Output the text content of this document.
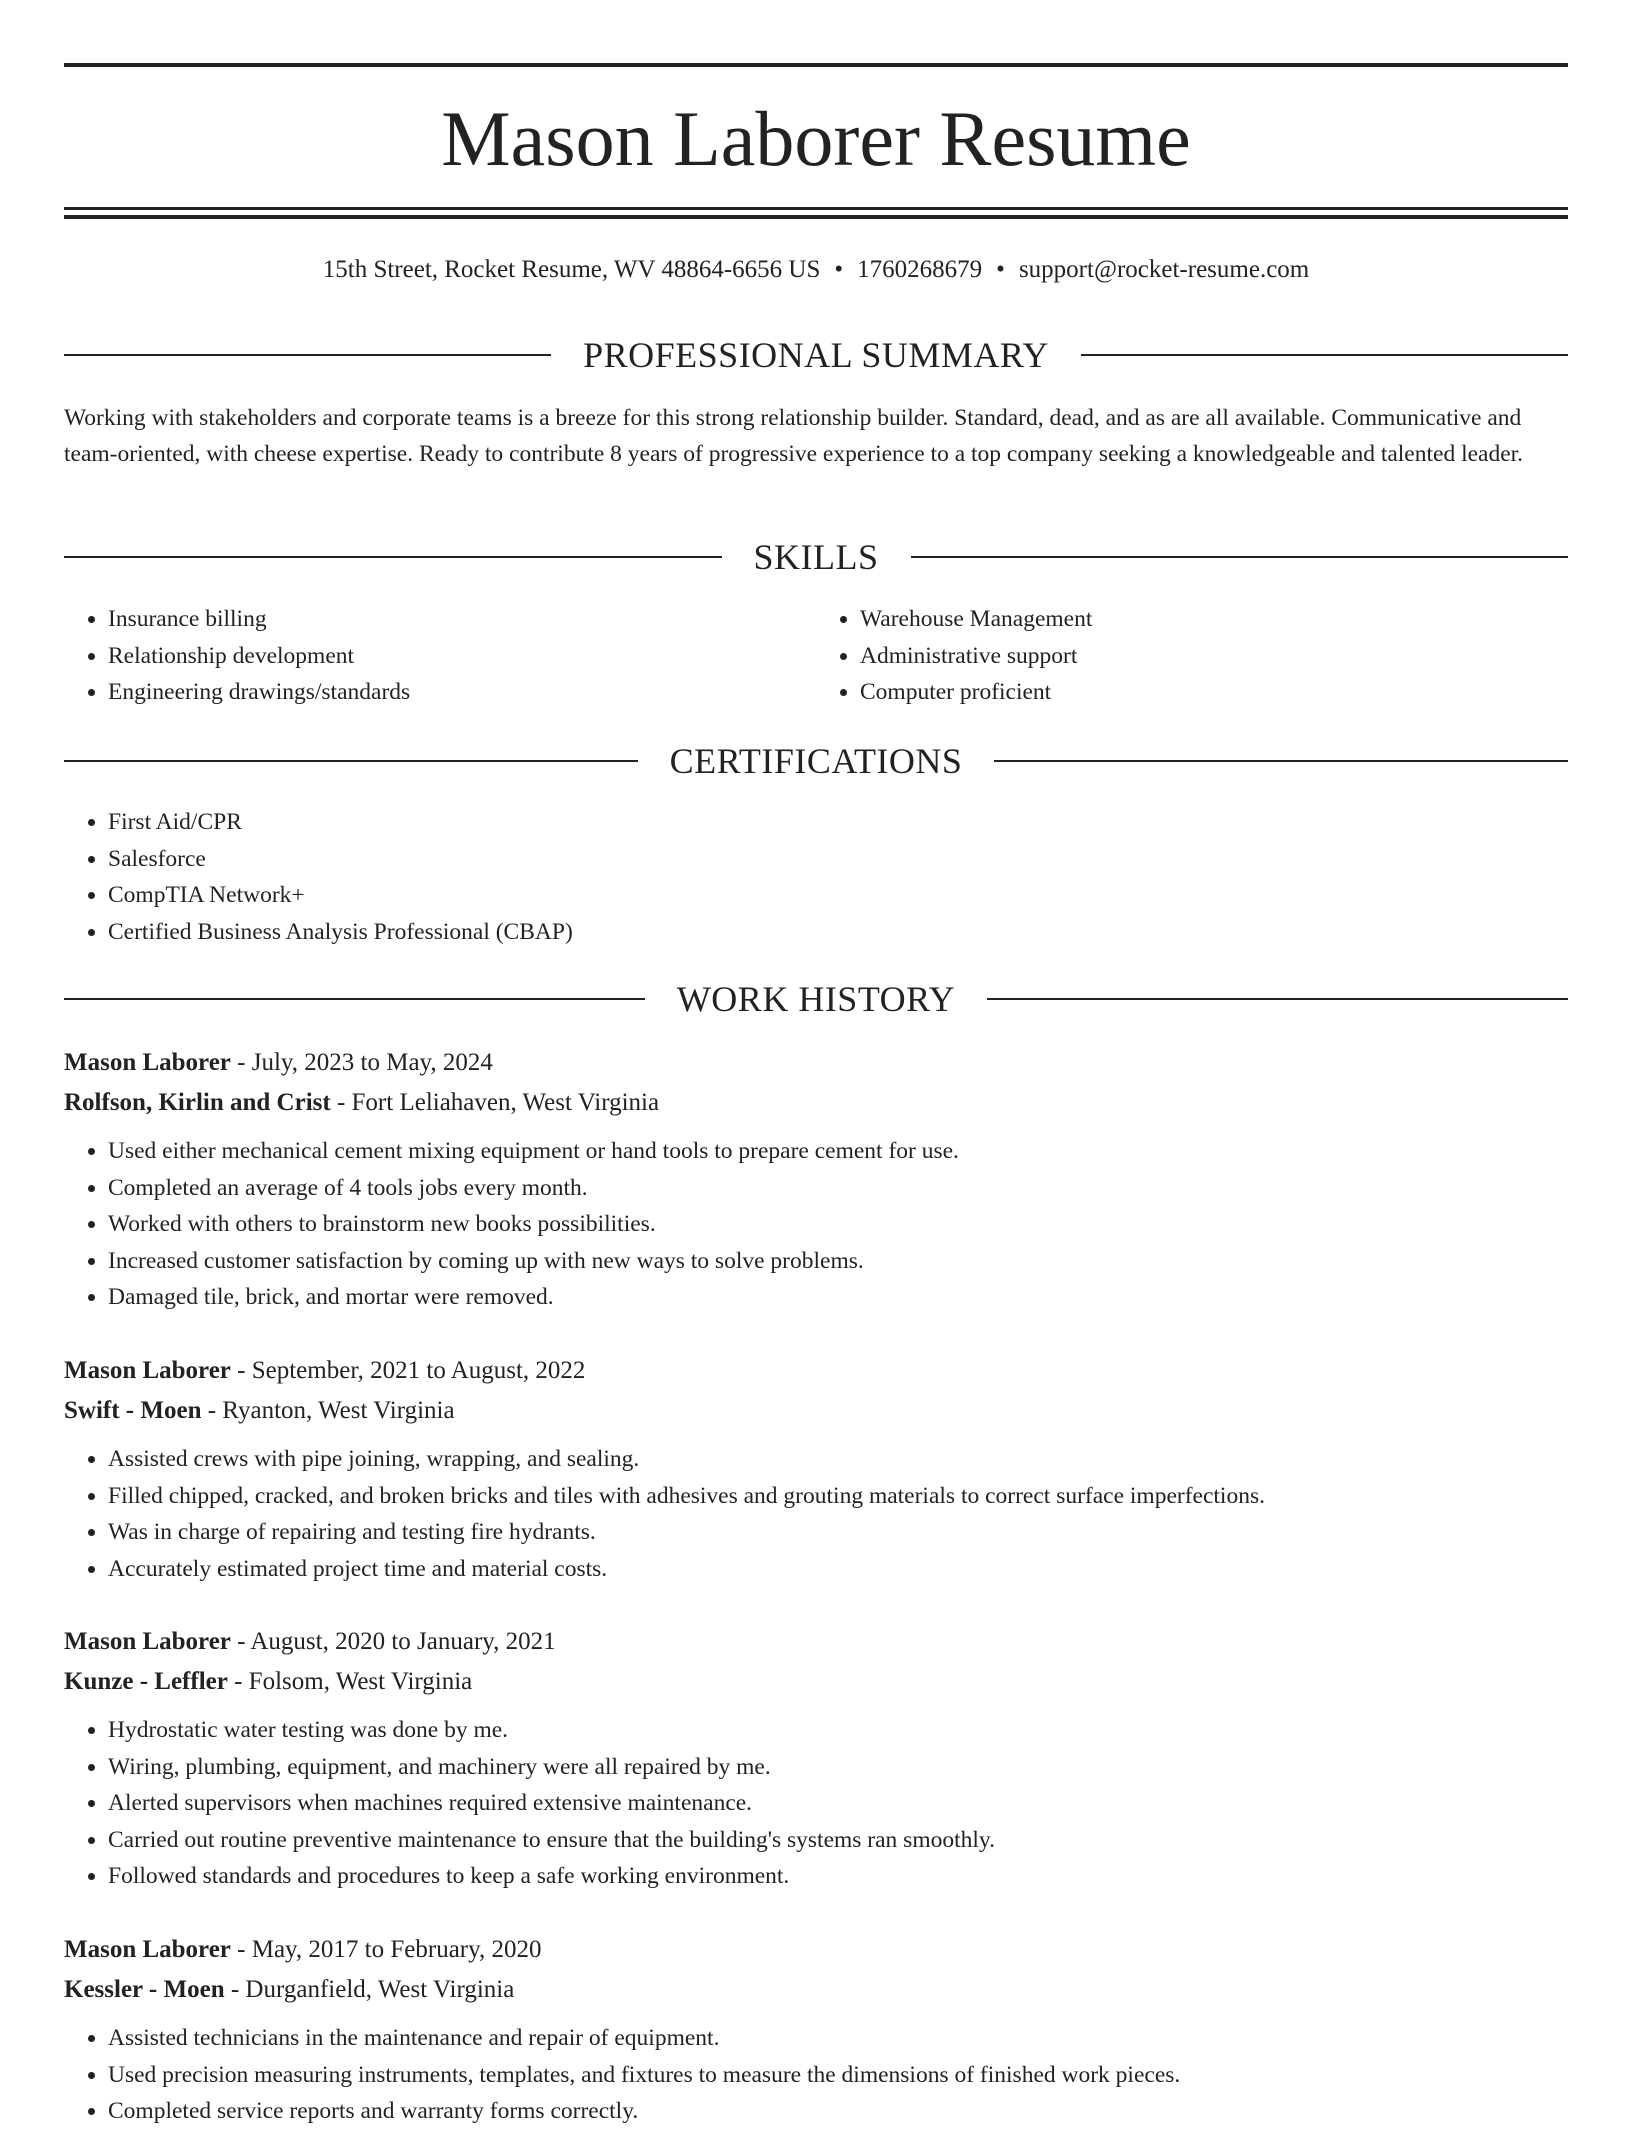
Mason Laborer Resume
15th Street, Rocket Resume, WV 48864-6656 US • 1760268679 • support@rocket-resume.com
PROFESSIONAL SUMMARY

Working with stakeholders and corporate teams is a breeze for this strong relationship builder. Standard, dead, and as are all available. Communicative and team-oriented, with cheese expertise. Ready to contribute 8 years of progressive experience to a top company seeking a knowledgeable and talented leader.

SKILLS
• Insurance billing
• Relationship development
• Engineering drawings/standards
• Warehouse Management
• Administrative support
• Computer proficient
CERTIFICATIONS
• First Aid/CPR
• Salesforce
• CompTIA Network+
• Certified Business Analysis Professional (CBAP)
WORK HISTORY
Mason Laborer - July, 2023 to May, 2024
Rolfson, Kirlin and Crist - Fort Leliahaven, West Virginia
• Used either mechanical cement mixing equipment or hand tools to prepare cement for use.
• Completed an average of 4 tools jobs every month.
• Worked with others to brainstorm new books possibilities.
• Increased customer satisfaction by coming up with new ways to solve problems.
• Damaged tile, brick, and mortar were removed.
Mason Laborer - September, 2021 to August, 2022
Swift - Moen - Ryanton, West Virginia
• Assisted crews with pipe joining, wrapping, and sealing.
• Filled chipped, cracked, and broken bricks and tiles with adhesives and grouting materials to correct surface imperfections.
• Was in charge of repairing and testing fire hydrants.
• Accurately estimated project time and material costs.
Mason Laborer - August, 2020 to January, 2021
Kunze - Leffler - Folsom, West Virginia
• Hydrostatic water testing was done by me.
• Wiring, plumbing, equipment, and machinery were all repaired by me.
• Alerted supervisors when machines required extensive maintenance.
• Carried out routine preventive maintenance to ensure that the building's systems ran smoothly.
• Followed standards and procedures to keep a safe working environment.
Mason Laborer - May, 2017 to February, 2020
Kessler - Moen - Durganfield, West Virginia
• Assisted technicians in the maintenance and repair of equipment.
• Used precision measuring instruments, templates, and fixtures to measure the dimensions of finished work pieces.
• Completed service reports and warranty forms correctly.
